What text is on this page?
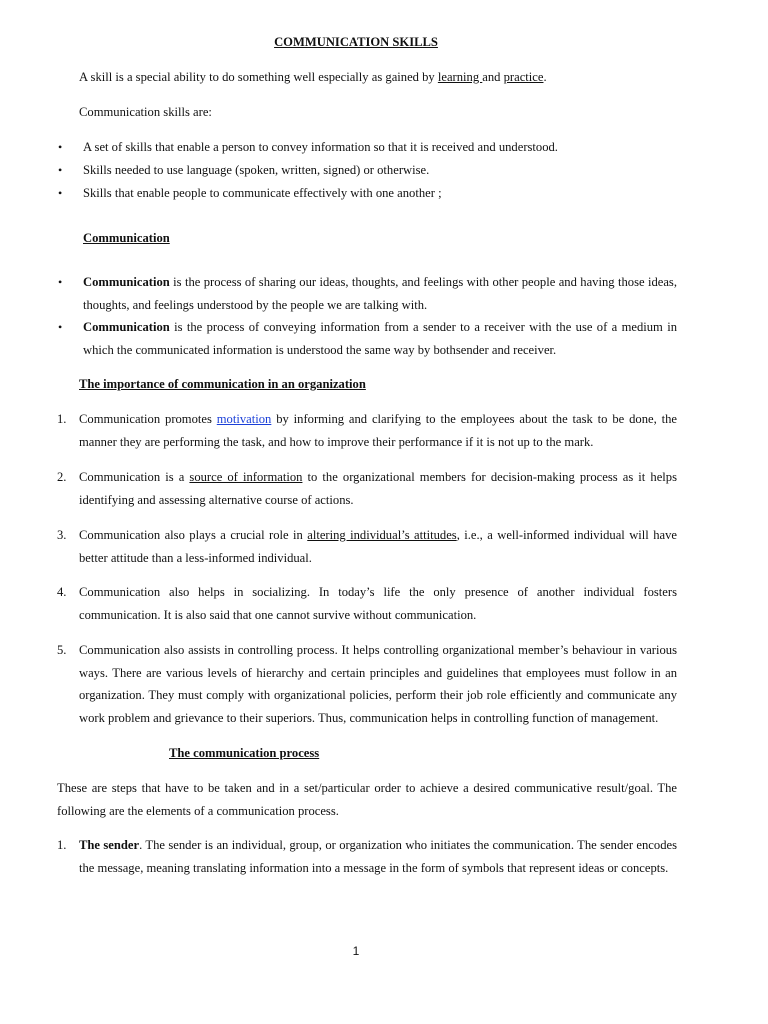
COMMUNICATION SKILLS
A skill is a special ability to do something well especially as gained by learning and practice.
Communication skills are:
• A set of skills that enable a person to convey information so that it is received and understood.
• Skills needed to use language (spoken, written, signed) or otherwise.
• Skills that enable people to communicate effectively with one another ;
Communication
• Communication is the process of sharing our ideas, thoughts, and feelings with other people and having those ideas, thoughts, and feelings understood by the people we are talking with.
• Communication is the process of conveying information from a sender to a receiver with the use of a medium in which the communicated information is understood the same way by bothsender and receiver.
The importance of communication in an organization
1. Communication promotes motivation by informing and clarifying to the employees about the task to be done, the manner they are performing the task, and how to improve their performance if it is not up to the mark.
2. Communication is a source of information to the organizational members for decision-making process as it helps identifying and assessing alternative course of actions.
3. Communication also plays a crucial role in altering individual’s attitudes, i.e., a well-informed individual will have better attitude than a less-informed individual.
4. Communication also helps in socializing. In today’s life the only presence of another individual fosters communication. It is also said that one cannot survive without communication.
5. Communication also assists in controlling process. It helps controlling organizational member’s behaviour in various ways. There are various levels of hierarchy and certain principles and guidelines that employees must follow in an organization. They must comply with organizational policies, perform their job role efficiently and communicate any work problem and grievance to their superiors. Thus, communication helps in controlling function of management.
The communication process
These are steps that have to be taken and in a set/particular order to achieve a desired communicative result/goal. The following are the elements of a communication process.
1. The sender. The sender is an individual, group, or organization who initiates the communication. The sender encodes the message, meaning translating information into a message in the form of symbols that represent ideas or concepts.
1
